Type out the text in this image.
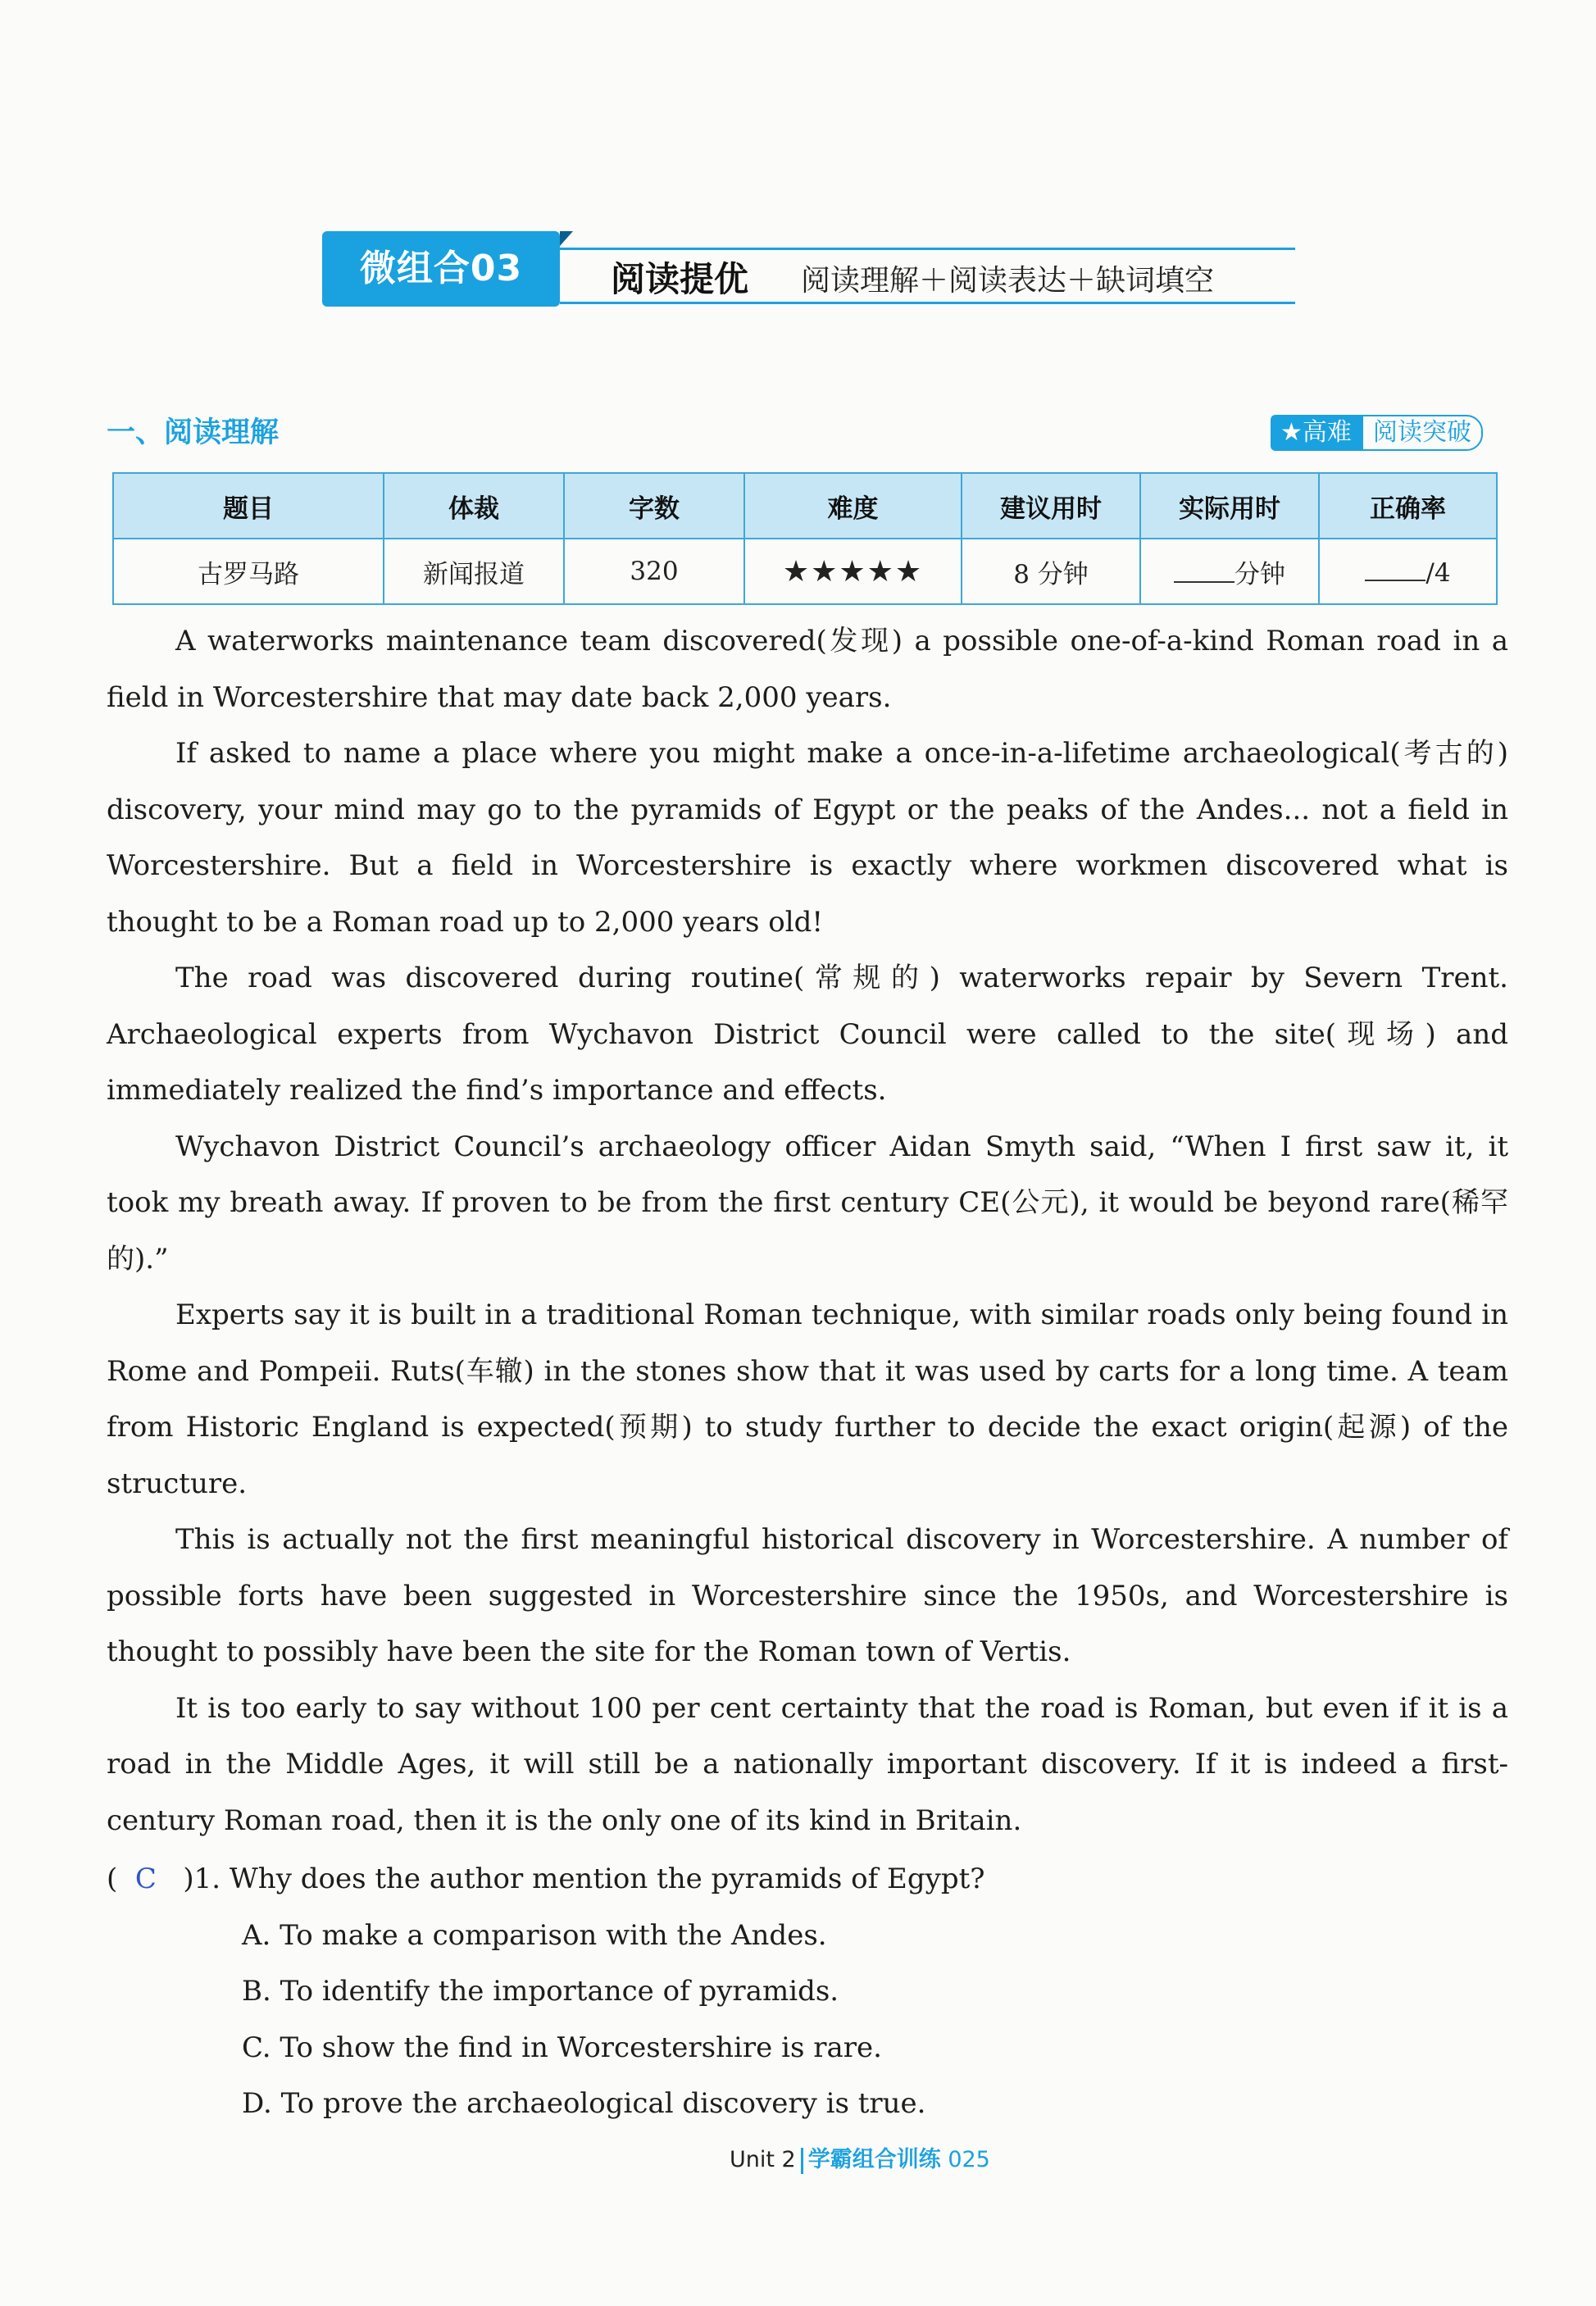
微组合03	阅读提优 阅读理解＋阅读表达＋缺词填空
一、阅读理解	★高难 阅读突破
题目	体裁	字数	难度	建议用时	实际用时	正确率
古罗马路	新闻报道	320	★★★★★	8 分钟	分钟	/4

A waterworks maintenance team discovered(发现) a possible one-of-a-kind Roman road in a field in Worcestershire that may date back 2,000 years.

If asked to name a place where you might make a once-in-a-lifetime archaeological(考古的) discovery, your mind may go to the pyramids of Egypt or the peaks of the Andes... not a field in Worcestershire. But a field in Worcestershire is exactly where workmen discovered what is thought to be a Roman road up to 2,000 years old!

The road was discovered during routine(常规的) waterworks repair by Severn Trent. Archaeological experts from Wychavon District Council were called to the site(现场) and immediately realized the find’s importance and effects.

Wychavon District Council’s archaeology officer Aidan Smyth said, “When I first saw it, it took my breath away. If proven to be from the first century CE(公元), it would be beyond rare(稀罕的).”

Experts say it is built in a traditional Roman technique, with similar roads only being found in Rome and Pompeii. Ruts(车辙) in the stones show that it was used by carts for a long time. A team from Historic England is expected(预期) to study further to decide the exact origin(起源) of the structure.

This is actually not the first meaningful historical discovery in Worcestershire. A number of possible forts have been suggested in Worcestershire since the 1950s, and Worcestershire is thought to possibly have been the site for the Roman town of Vertis.

It is too early to say without 100 per cent certainty that the road is Roman, but even if it is a road in the Middle Ages, it will still be a nationally important discovery. If it is indeed a first-century Roman road, then it is the only one of its kind in Britain.

( C )1. Why does the author mention the pyramids of Egypt?
A. To make a comparison with the Andes.
B. To identify the importance of pyramids.
C. To show the find in Worcestershire is rare.
D. To prove the archaeological discovery is true.
Unit 2 学霸组合训练 025
